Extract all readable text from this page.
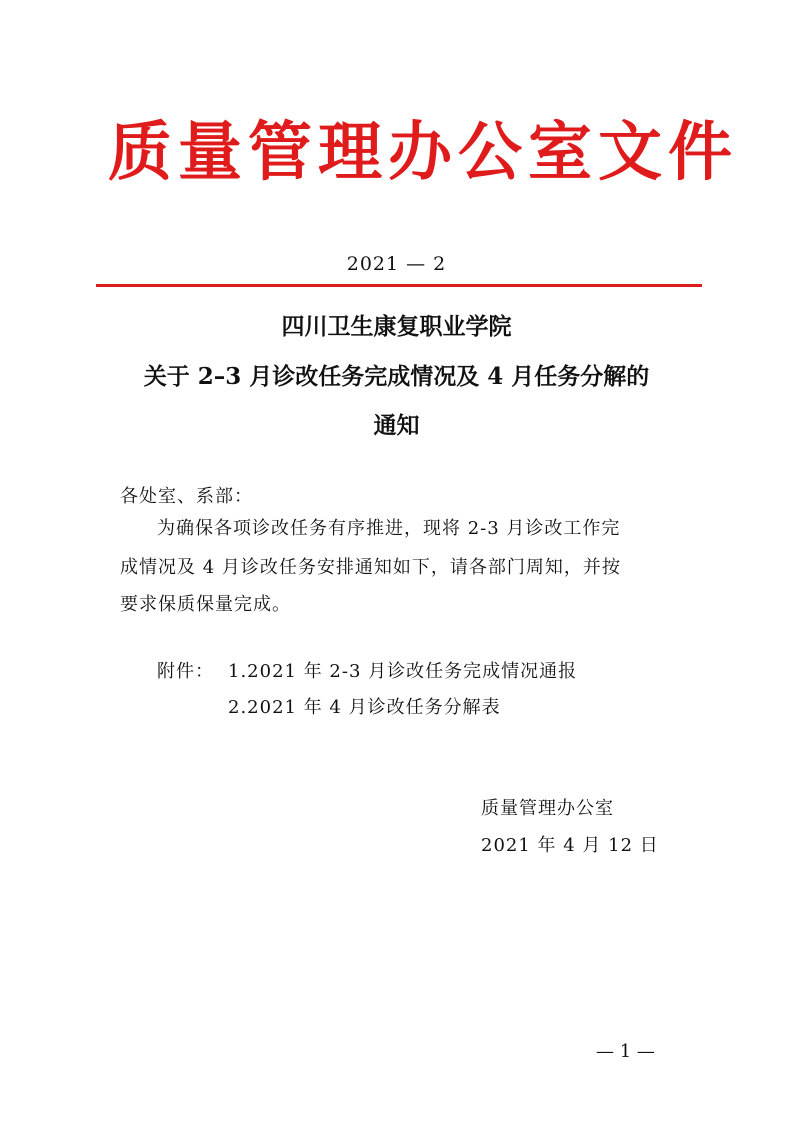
质量管理办公室文件
2021 — 2
四川卫生康复职业学院
关于 2–3 月诊改任务完成情况及 4 月任务分解的
通知
各处室、系部：
为确保各项诊改任务有序推进，现将 2-3 月诊改工作完
成情况及 4 月诊改任务安排通知如下，请各部门周知，并按
要求保质保量完成。
附件： 1.2021 年 2-3 月诊改任务完成情况通报
2.2021 年 4 月诊改任务分解表
质量管理办公室
2021 年 4 月 12 日
— 1 —
